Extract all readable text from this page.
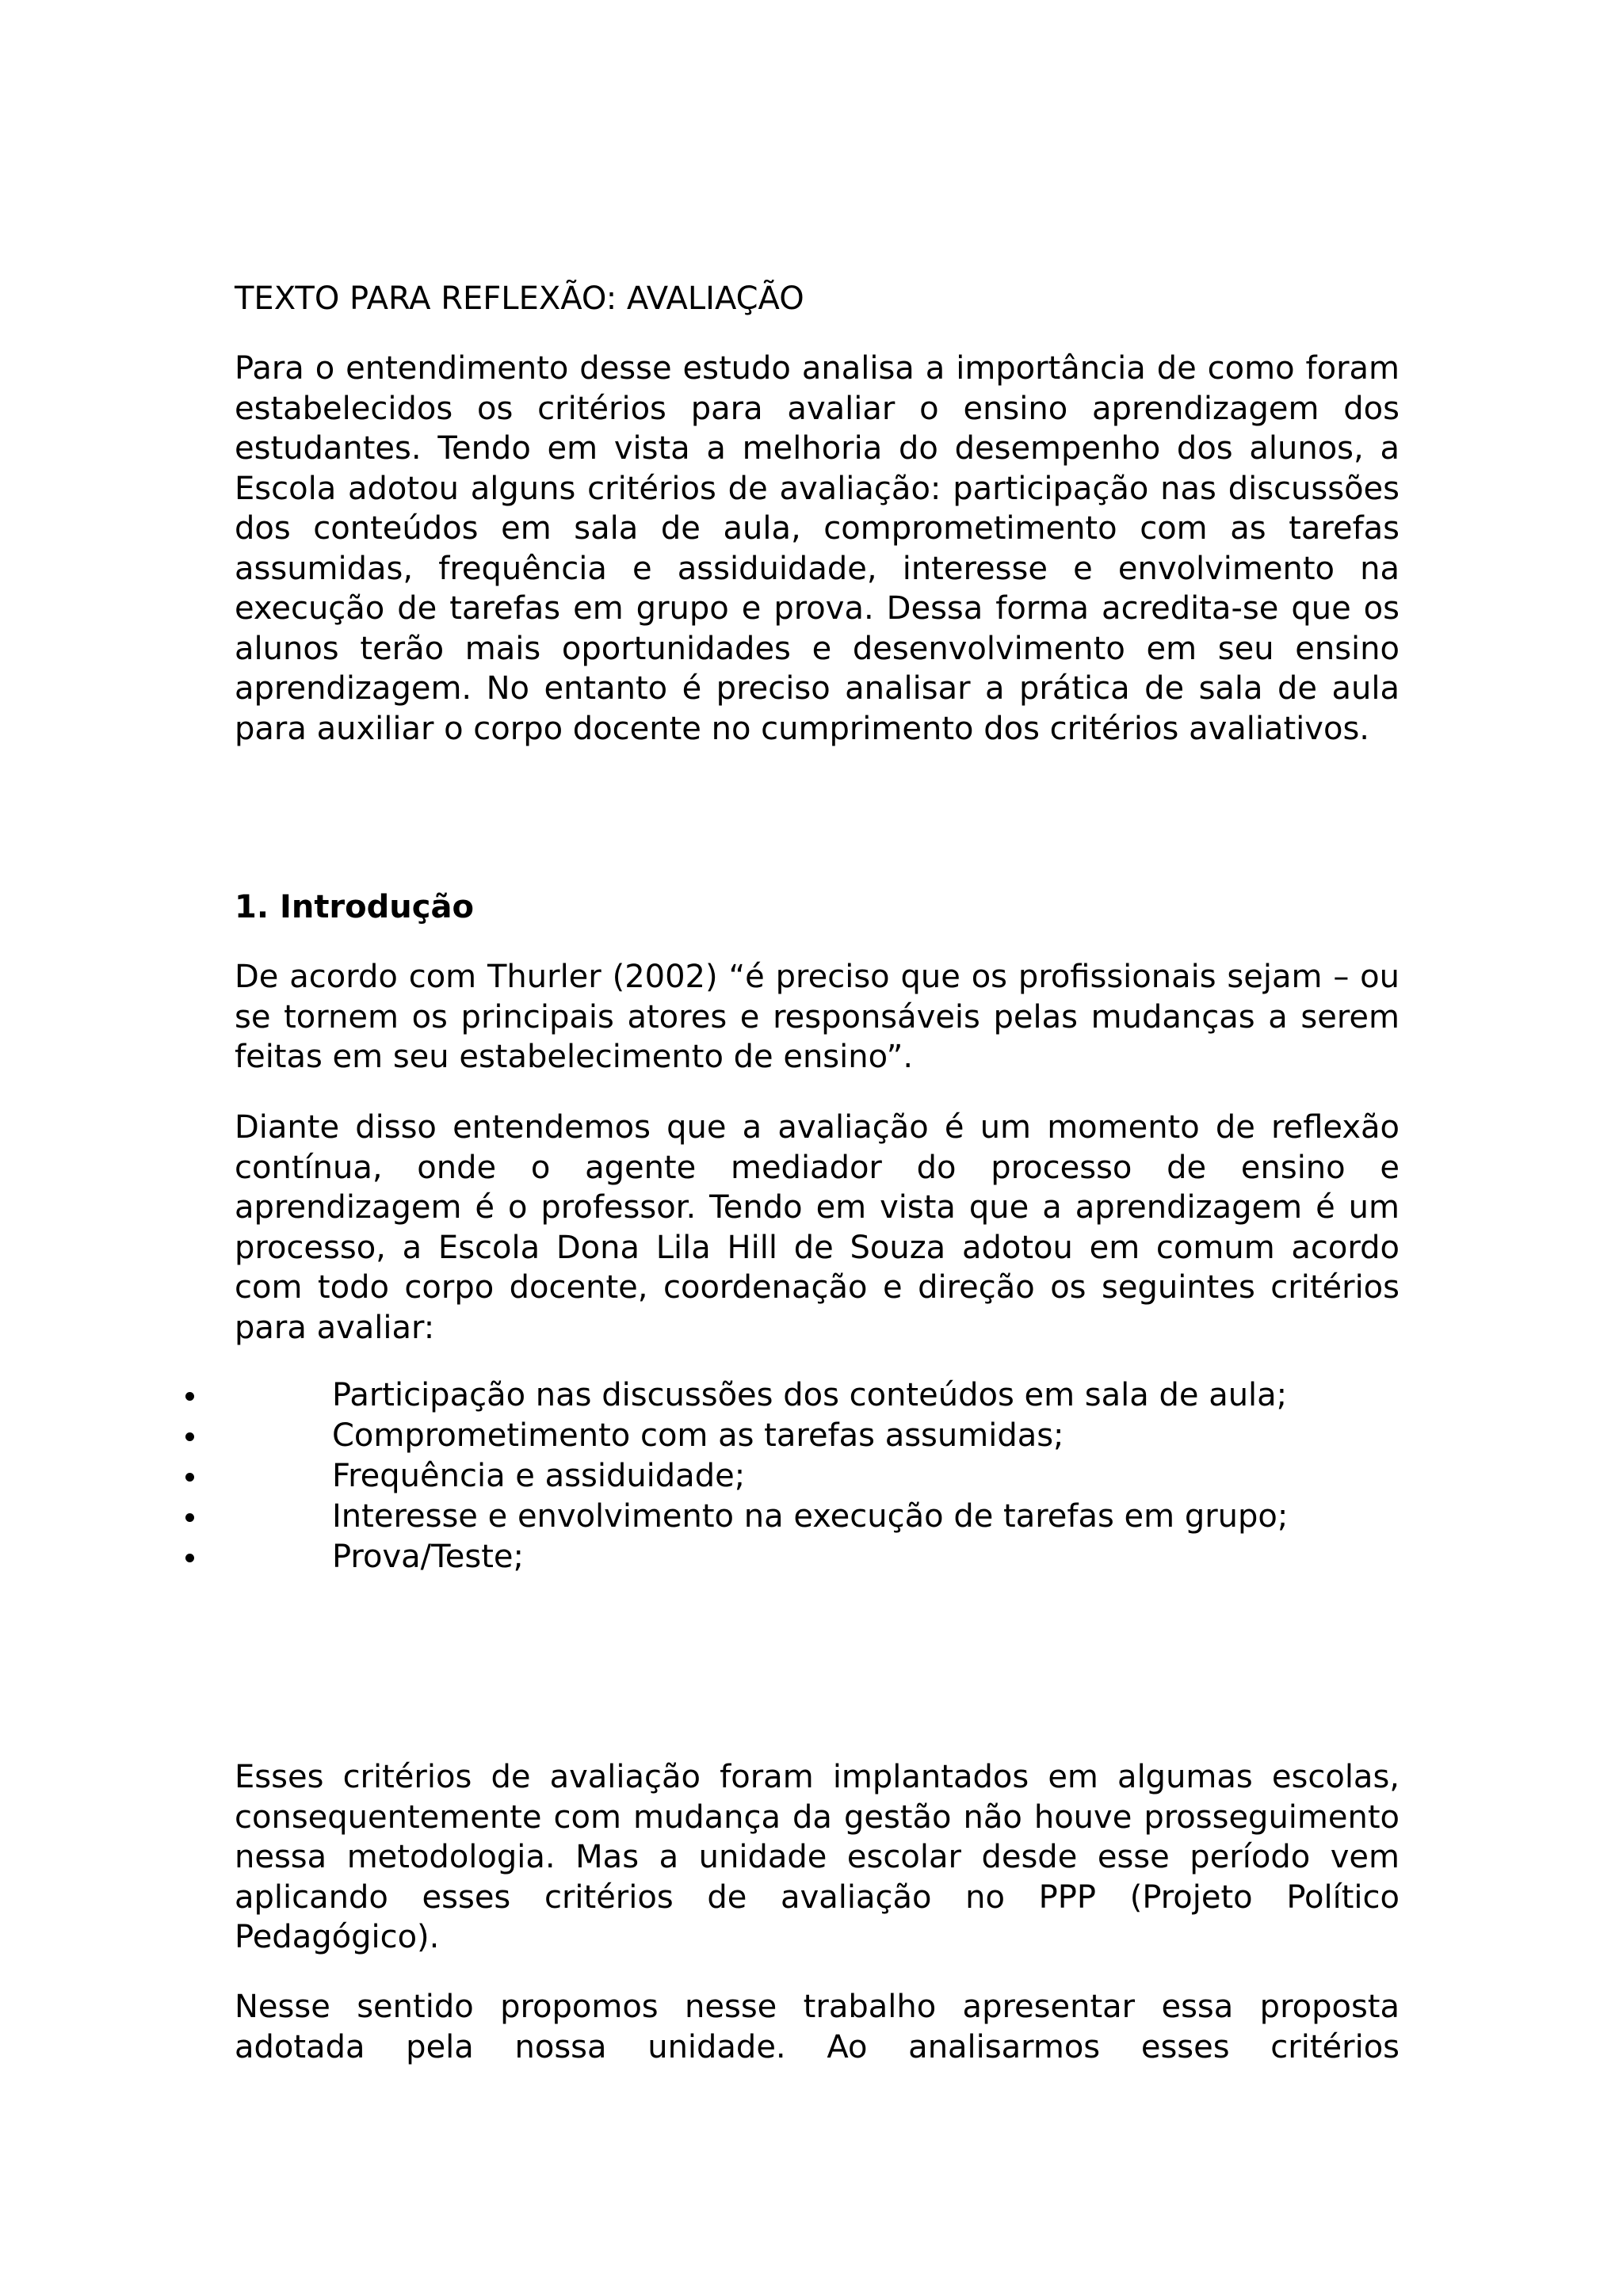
TEXTO PARA REFLEXÃO: AVALIAÇÃO

Para o entendimento desse estudo analisa a importância de como foram estabelecidos os critérios para avaliar o ensino aprendizagem dos estudantes. Tendo em vista a melhoria do desempenho dos alunos, a Escola adotou alguns critérios de avaliação: participação nas discussões dos conteúdos em sala de aula, comprometimento com as tarefas assumidas, frequência e assiduidade, interesse e envolvimento na execução de tarefas em grupo e prova. Dessa forma acredita-se que os alunos terão mais oportunidades e desenvolvimento em seu ensino aprendizagem. No entanto é preciso analisar a prática de sala de aula para auxiliar o corpo docente no cumprimento dos critérios avaliativos.

1. Introdução

De acordo com Thurler (2002) “é preciso que os profissionais sejam – ou se tornem os principais atores e responsáveis pelas mudanças a serem feitas em seu estabelecimento de ensino”.

Diante disso entendemos que a avaliação é um momento de reflexão contínua, onde o agente mediador do processo de ensino e aprendizagem é o professor. Tendo em vista que a aprendizagem é um processo, a Escola Dona Lila Hill de Souza adotou em comum acordo com todo corpo docente, coordenação e direção os seguintes critérios para avaliar:

Participação nas discussões dos conteúdos em sala de aula;
Comprometimento com as tarefas assumidas;
Frequência e assiduidade;
Interesse e envolvimento na execução de tarefas em grupo;
Prova/Teste;

Esses critérios de avaliação foram implantados em algumas escolas, consequentemente com mudança da gestão não houve prosseguimento nessa metodologia. Mas a unidade escolar desde esse período vem aplicando esses critérios de avaliação no PPP (Projeto Político Pedagógico).

Nesse sentido propomos nesse trabalho apresentar essa proposta adotada pela nossa unidade. Ao analisarmos esses critérios
